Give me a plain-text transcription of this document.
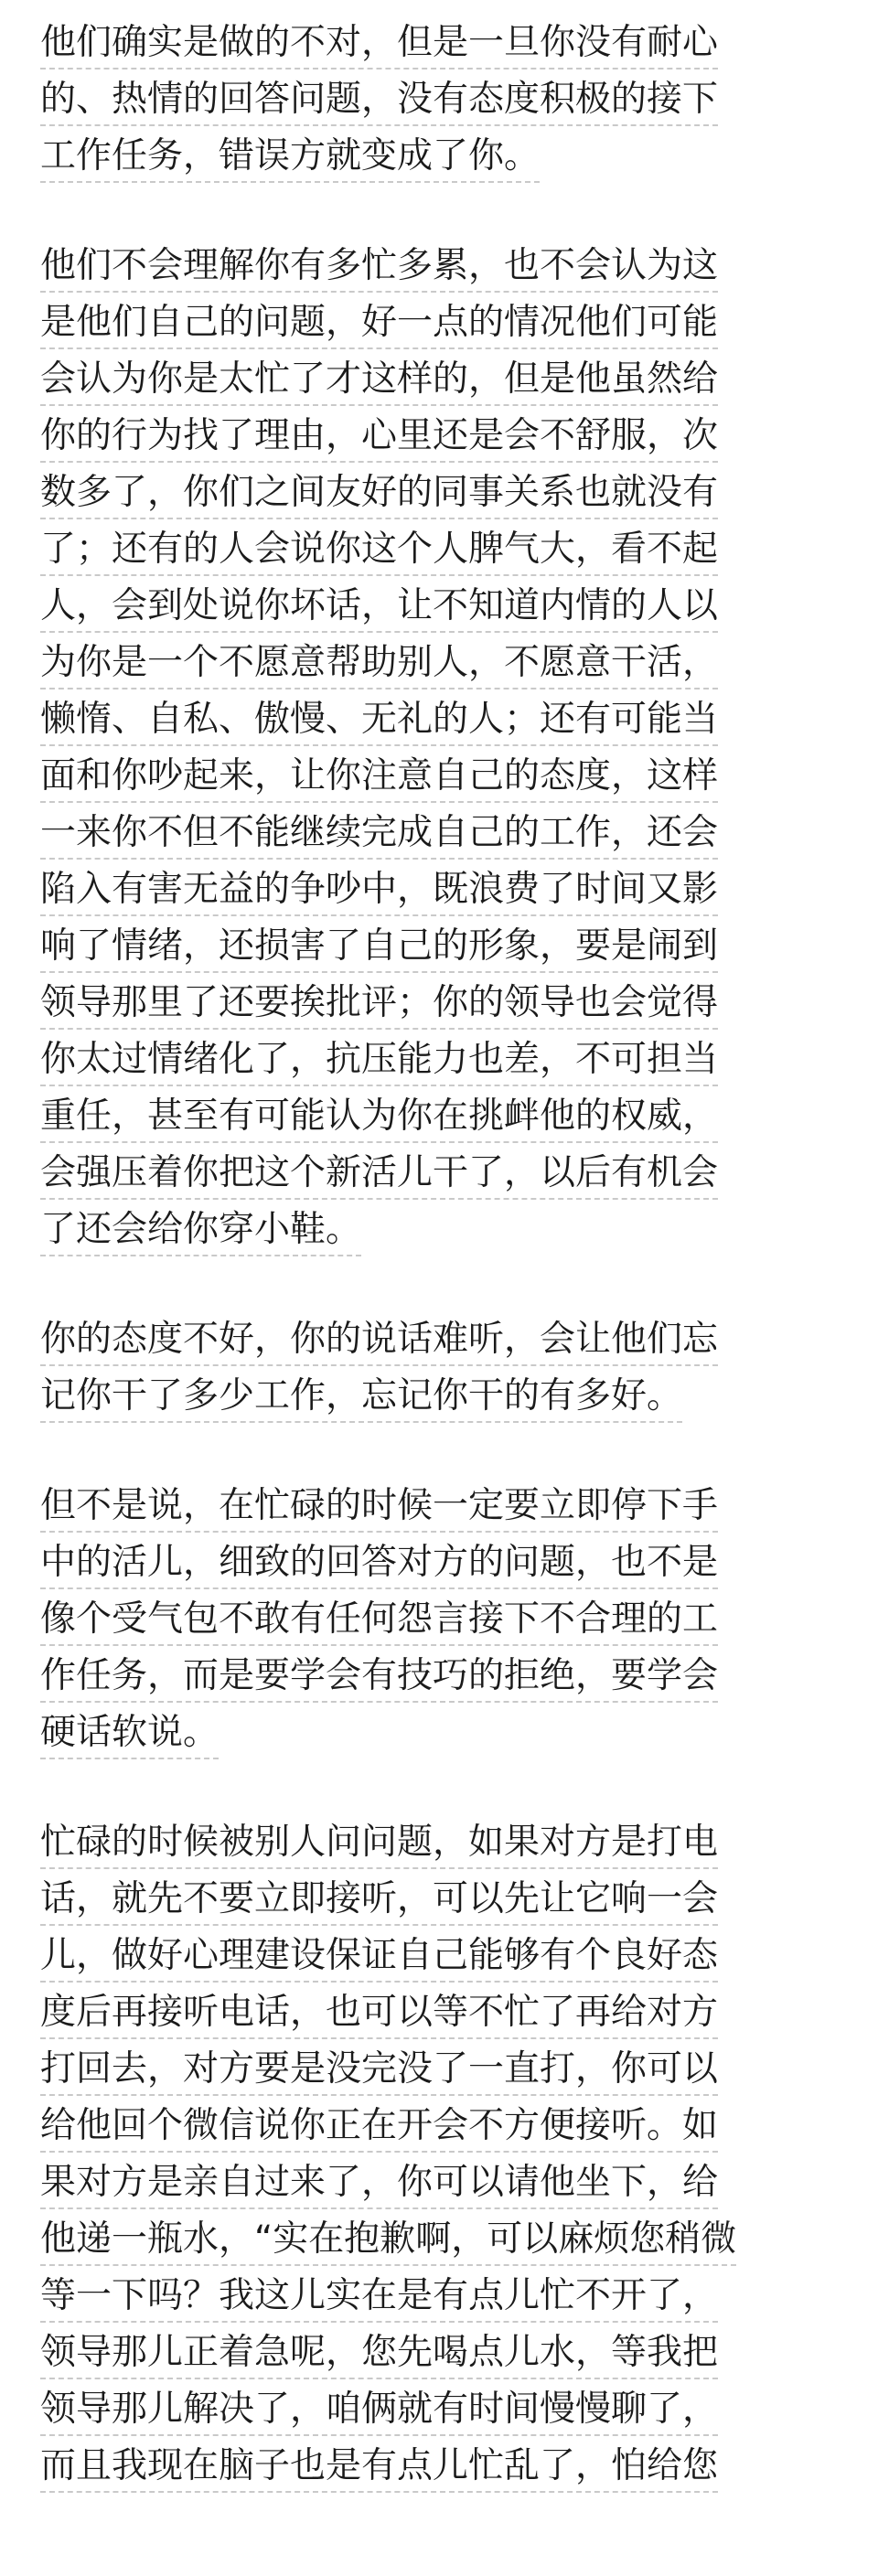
他们确实是做的不对，但是一旦你没有耐心
的、热情的回答问题，没有态度积极的接下
工作任务，错误方就变成了你。
他们不会理解你有多忙多累，也不会认为这
是他们自己的问题，好一点的情况他们可能
会认为你是太忙了才这样的，但是他虽然给
你的行为找了理由，心里还是会不舒服，次
数多了，你们之间友好的同事关系也就没有
了；还有的人会说你这个人脾气大，看不起
人，会到处说你坏话，让不知道内情的人以
为你是一个不愿意帮助别人，不愿意干活，
懒惰、自私、傲慢、无礼的人；还有可能当
面和你吵起来，让你注意自己的态度，这样
一来你不但不能继续完成自己的工作，还会
陷入有害无益的争吵中，既浪费了时间又影
响了情绪，还损害了自己的形象，要是闹到
领导那里了还要挨批评；你的领导也会觉得
你太过情绪化了，抗压能力也差，不可担当
重任，甚至有可能认为你在挑衅他的权威，
会强压着你把这个新活儿干了，以后有机会
了还会给你穿小鞋。
你的态度不好，你的说话难听，会让他们忘
记你干了多少工作，忘记你干的有多好。
但不是说，在忙碌的时候一定要立即停下手
中的活儿，细致的回答对方的问题，也不是
像个受气包不敢有任何怨言接下不合理的工
作任务，而是要学会有技巧的拒绝，要学会
硬话软说。
忙碌的时候被别人问问题，如果对方是打电
话，就先不要立即接听，可以先让它响一会
儿，做好心理建设保证自己能够有个良好态
度后再接听电话，也可以等不忙了再给对方
打回去，对方要是没完没了一直打，你可以
给他回个微信说你正在开会不方便接听。如
果对方是亲自过来了，你可以请他坐下，给
他递一瓶水，“实在抱歉啊，可以麻烦您稍微
等一下吗？我这儿实在是有点儿忙不开了，
领导那儿正着急呢，您先喝点儿水，等我把
领导那儿解决了，咱俩就有时间慢慢聊了，
而且我现在脑子也是有点儿忙乱了，怕给您
